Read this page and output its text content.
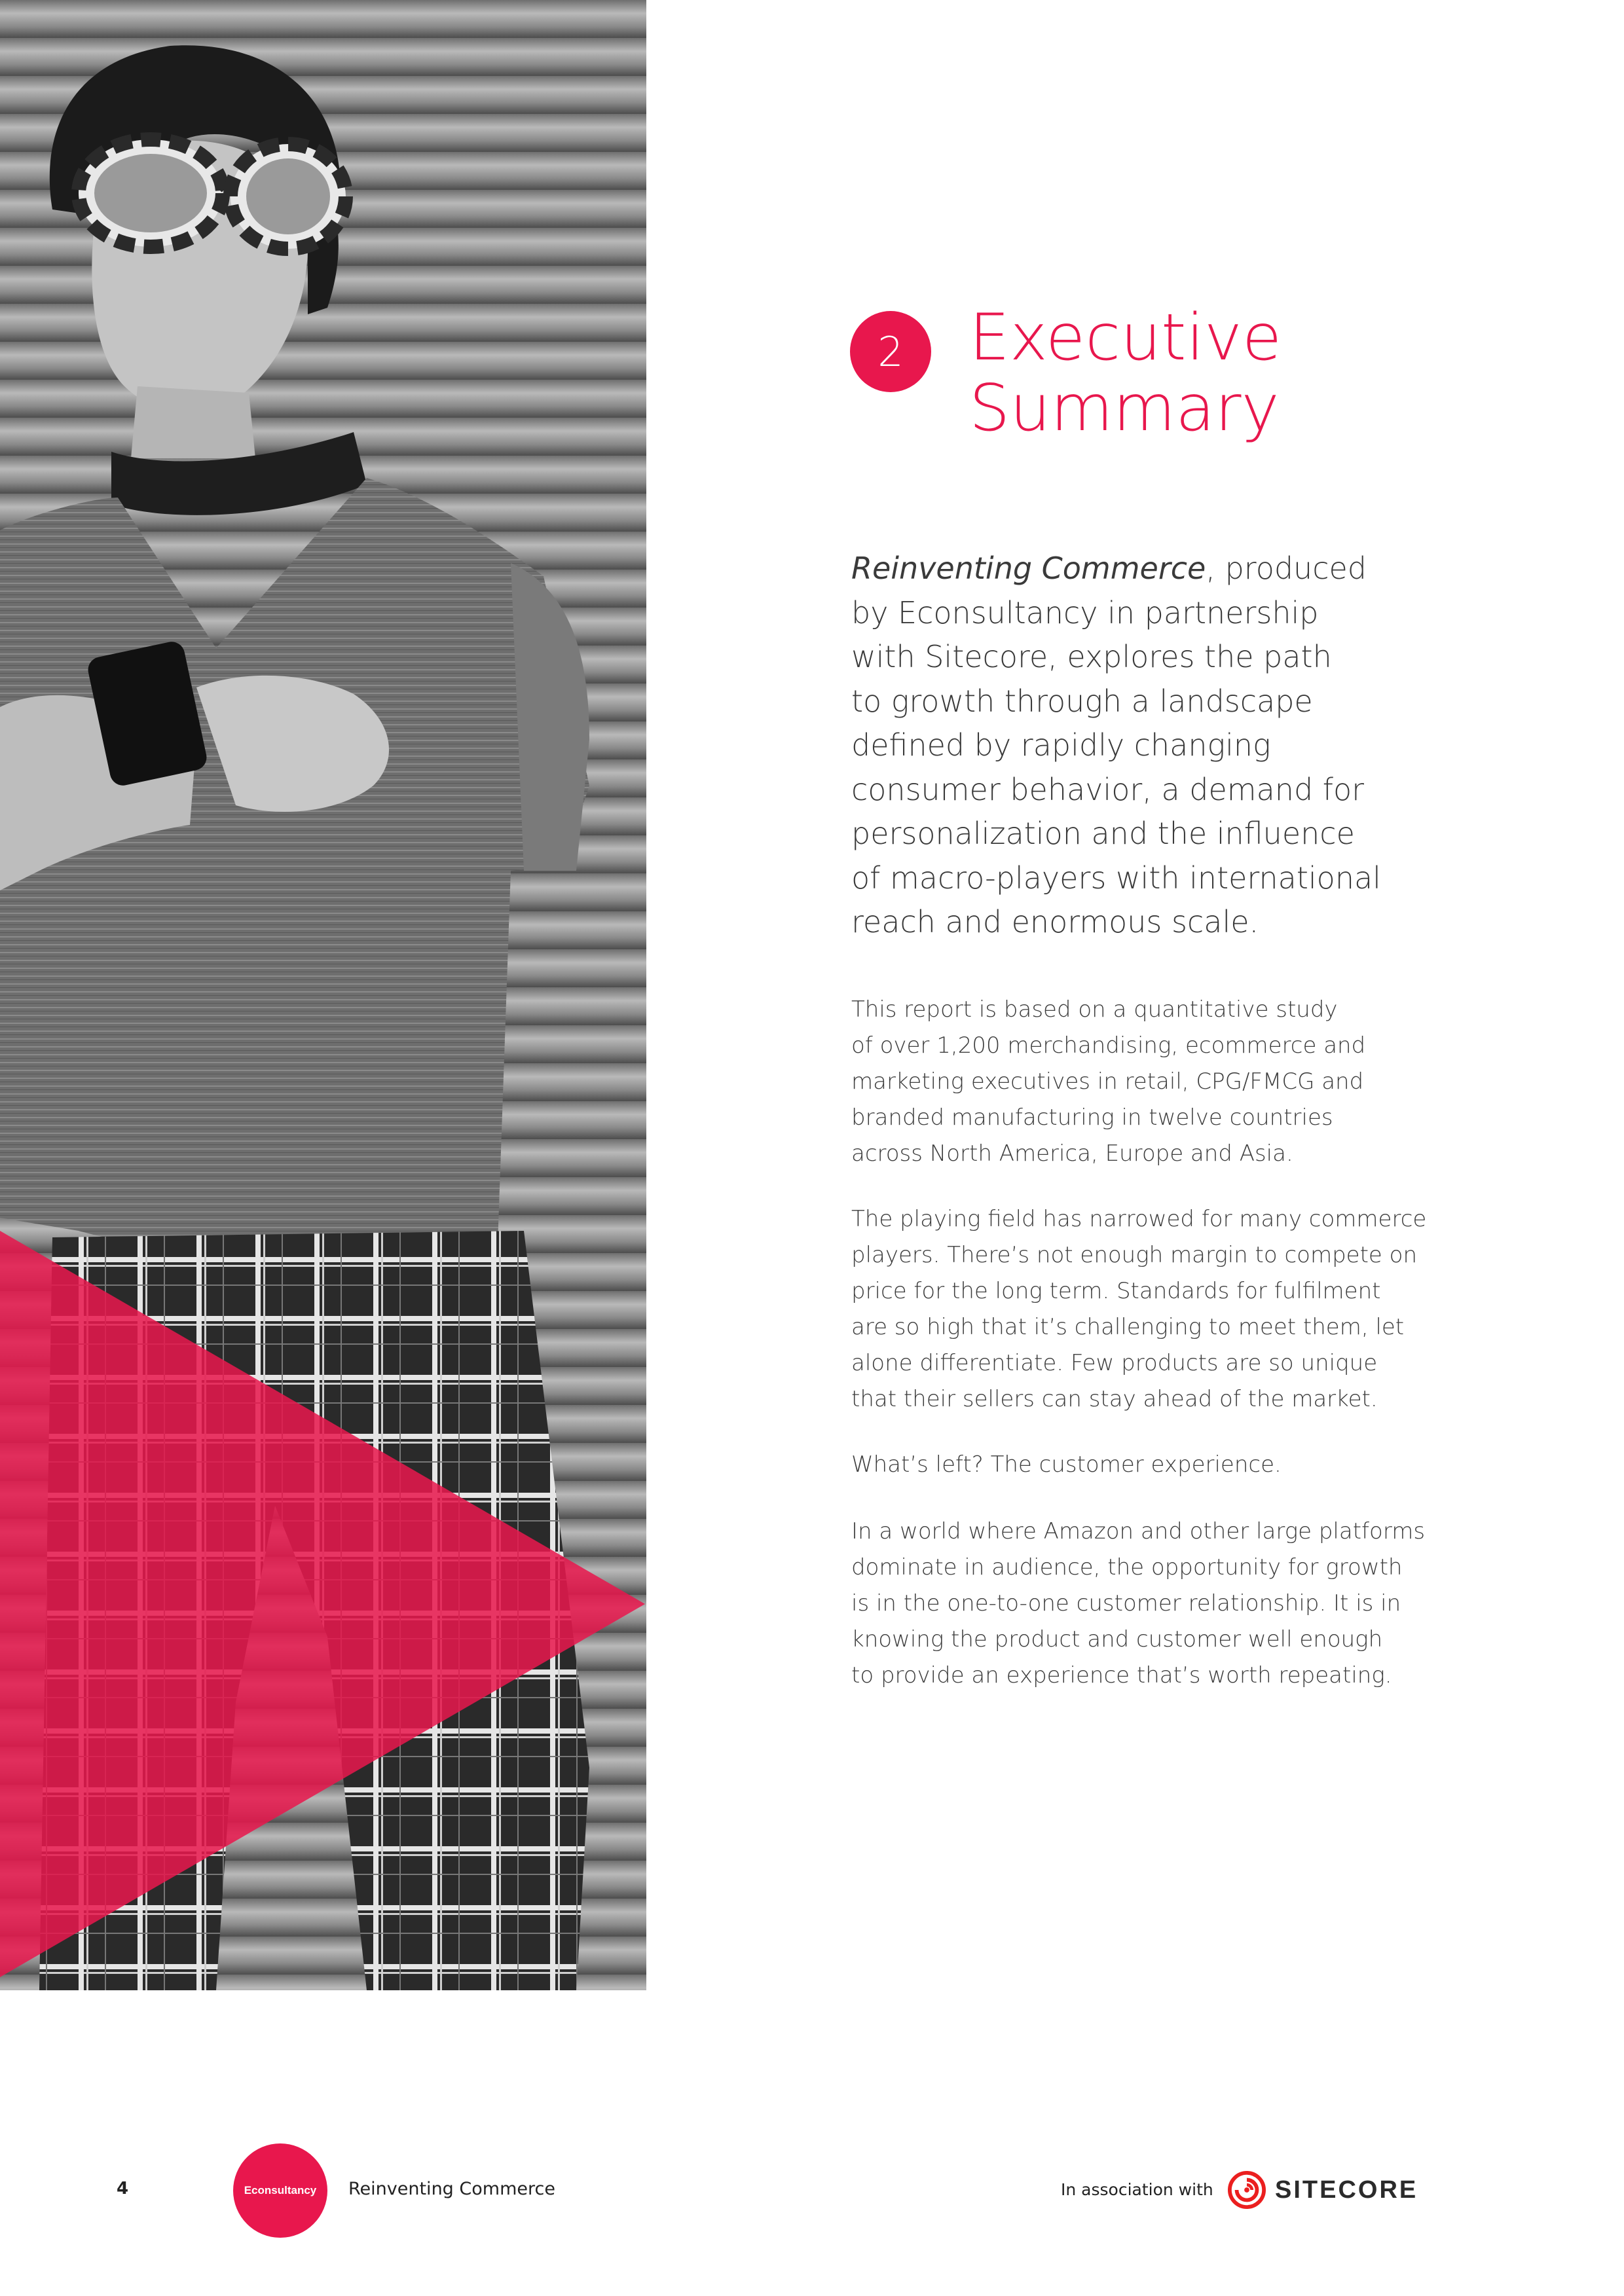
2	Executive
Summary

Reinventing Commerce, produced
by Econsultancy in partnership
with Sitecore, explores the path
to growth through a landscape
defined by rapidly changing
consumer behavior, a demand for
personalization and the influence
of macro-players with international
reach and enormous scale.

This report is based on a quantitative study
of over 1,200 merchandising, ecommerce and
marketing executives in retail, CPG/FMCG and
branded manufacturing in twelve countries
across North America, Europe and Asia.

The playing field has narrowed for many commerce
players. There’s not enough margin to compete on
price for the long term. Standards for fulfilment
are so high that it’s challenging to meet them, let
alone differentiate. Few products are so unique
that their sellers can stay ahead of the market.

What’s left? The customer experience.

In a world where Amazon and other large platforms
dominate in audience, the opportunity for growth
is in the one-to-one customer relationship. It is in
knowing the product and customer well enough
to provide an experience that’s worth repeating.

4	Econsultancy Reinventing Commerce	In association with SITECORE
